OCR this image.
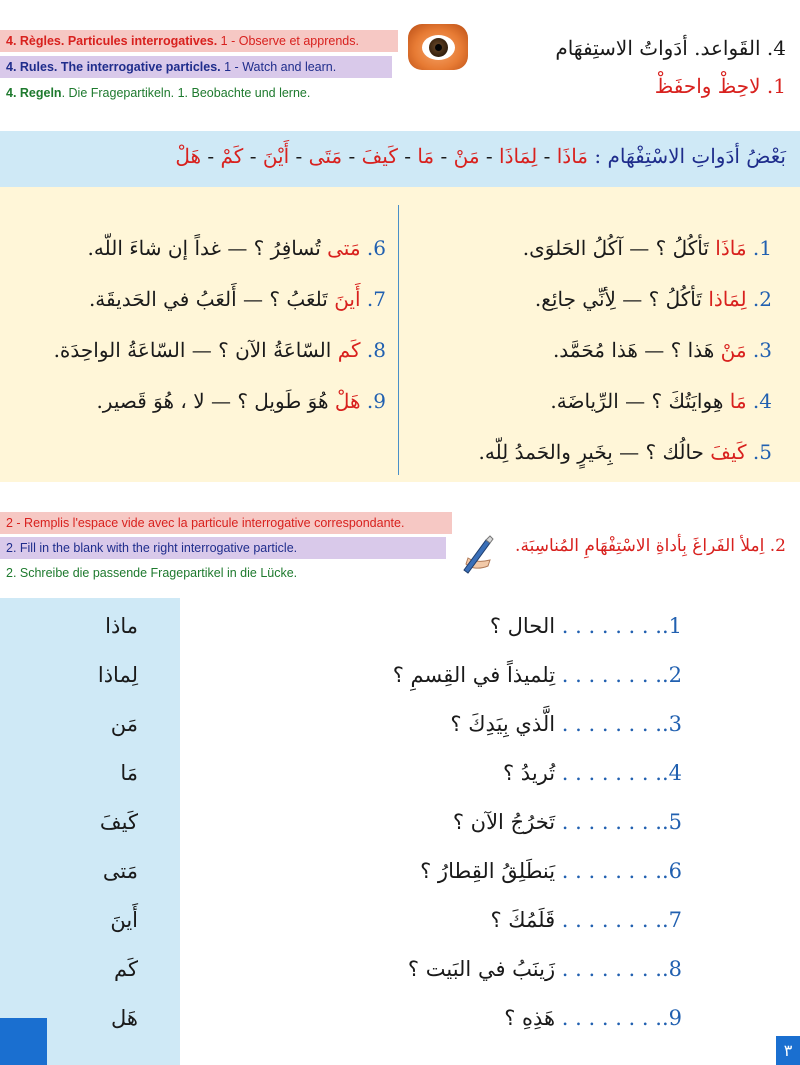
4. Règles. Particules interrogatives. 1 - Observe et apprends.
4. Rules. The interrogative particles. 1 - Watch and learn.
4. Regeln. Die Fragepartikeln. 1. Beobachte und lerne.
4. القَواعد. أدَواتُ الاستِفهَام
1. لاحِظْ واحفَظْ
بَعْضُ أدَواتِ الاسْتِفْهَام : مَاذَا - لِمَاذَا - مَنْ - مَا - كَيفَ - مَتَى - أَيْنَ - كَمْ - هَلْ
1. مَاذَا تَأكُلُ ؟ — آكُلُ الحَلوَى.
2. لِمَاذا تَأكُلُ ؟ — لِأنِّي جائِع.
3. مَنْ هَذا ؟ — هَذا مُحَمَّد.
4. مَا هِوايَتُكَ ؟ — الرِّياضَة.
5. كَيفَ حالُك ؟ — بِخَيرٍ والحَمدُ لِلّه.
6. مَتى تُسافِرُ ؟ — غداً إن شاءَ اللّه.
7. أَينَ تَلعَبُ ؟ — أَلعَبُ في الحَديقَة.
8. كَم السّاعَةُ الآن ؟ — السّاعَةُ الواحِدَة.
9. هَلْ هُوَ طَويل ؟ — لا ، هُوَ قَصير.
2 - Remplis l'espace vide avec la particule interrogative correspondante.
2. Fill in the blank with the right interrogative particle.
2. Schreibe die passende Fragepartikel in die Lücke.
2. اِملأ الفَراغَ بِأداةِ الاسْتِفْهَامِ المُناسِبَة.
1.. . . . . . . . الحال ؟
2.. . . . . . . . تِلميذاً في القِسمِ ؟
3.. . . . . . . . الَّذي بِيَدِكَ ؟
4.. . . . . . . . تُريدُ ؟
5.. . . . . . . . تَخرُجُ الآن ؟
6.. . . . . . . . يَنطَلِقُ القِطارُ ؟
7.. . . . . . . . قَلَمُكَ ؟
8.. . . . . . . . زَينَبُ في البَيت ؟
9.. . . . . . . . هَذِهِ ؟
ماذا
لِماذا
مَن
مَا
كَيفَ
مَتى
أَينَ
كَم
هَل
٣
